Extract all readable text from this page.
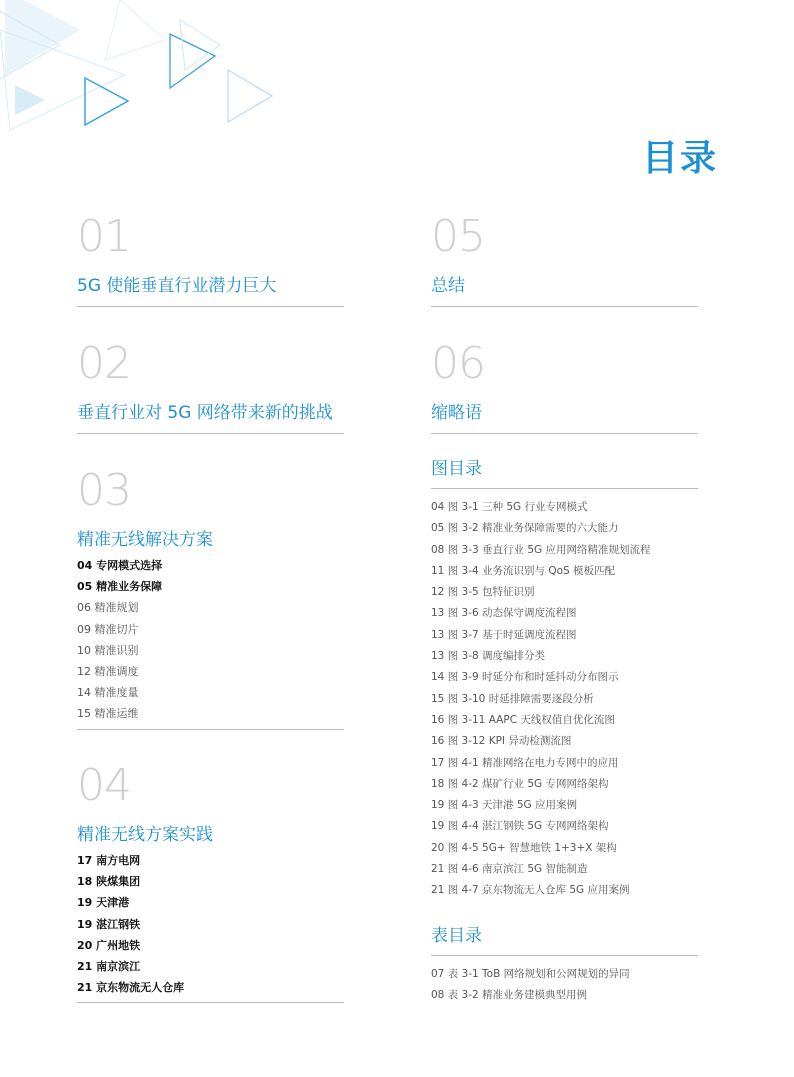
目录
01
5G 使能垂直行业潜力巨大
02
垂直行业对 5G 网络带来新的挑战
03
精准无线解决方案
04 专网模式选择
05 精准业务保障
06 精准规划
09 精准切片
10 精准识别
12 精准调度
14 精准度量
15 精准运维
04
精准无线方案实践
17 南方电网
18 陕煤集团
19 天津港
19 湛江钢铁
20 广州地铁
21 南京滨江
21 京东物流无人仓库
05
总结
06
缩略语
图目录
04 图 3-1 三种 5G 行业专网模式
05 图 3-2 精准业务保障需要的六大能力
08 图 3-3 垂直行业 5G 应用网络精准规划流程
11 图 3-4 业务流识别与 QoS 模板匹配
12 图 3-5 包特征识别
13 图 3-6 动态保守调度流程图
13 图 3-7 基于时延调度流程图
13 图 3-8 调度编排分类
14 图 3-9 时延分布和时延抖动分布图示
15 图 3-10 时延排障需要逐段分析
16 图 3-11 AAPC 天线权值自优化流图
16 图 3-12 KPI 异动检测流图
17 图 4-1 精准网络在电力专网中的应用
18 图 4-2 煤矿行业 5G 专网网络架构
19 图 4-3 天津港 5G 应用案例
19 图 4-4 湛江钢铁 5G 专网网络架构
20 图 4-5 5G+ 智慧地铁 1+3+X 架构
21 图 4-6 南京滨江 5G 智能制造
21 图 4-7 京东物流无人仓库 5G 应用案例
表目录
07 表 3-1 ToB 网络规划和公网规划的异同
08 表 3-2 精准业务建模典型用例
